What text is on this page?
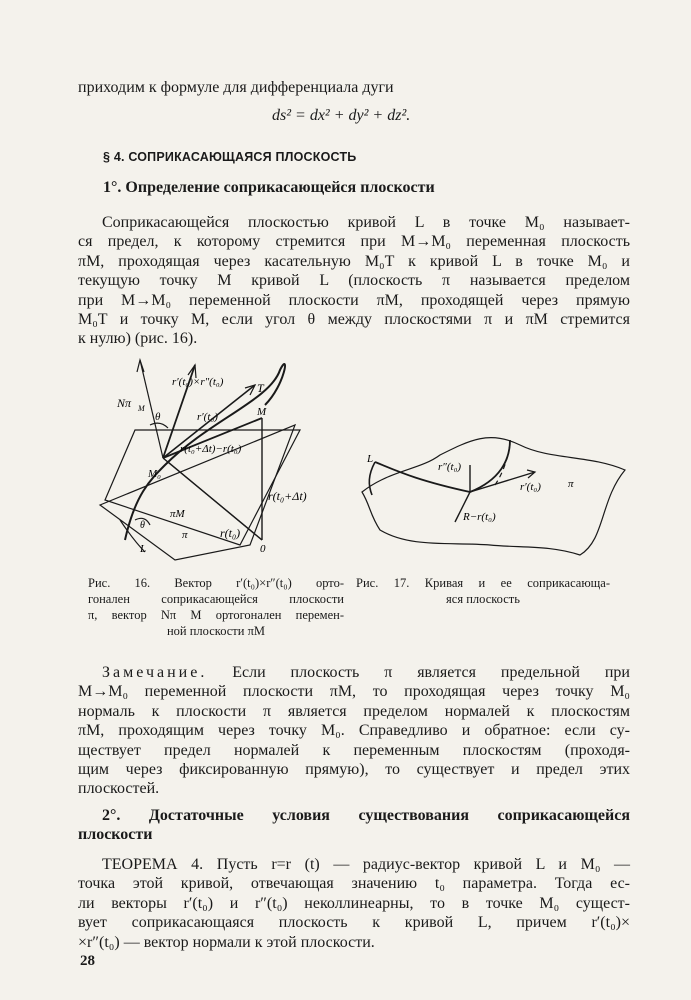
приходим к формуле для дифференциала дуги
ds² = dx² + dy² + dz².
§ 4. СОПРИКАСАЮЩАЯСЯ ПЛОСКОСТЬ
1°. Определение соприкасающейся плоскости
Соприкасающейся плоскостью кривой L в точке M₀ называет-
ся предел, к которому стремится при M→M₀ переменная плоскость
πM, проходящая через касательную M₀T к кривой L в точке M₀ и
текущую точку M кривой L (плоскость π называется пределом
при M→M₀ переменной плоскости πM, проходящей через прямую
M₀T и точку M, если угол θ между плоскостями π и πM стремится
к нулю) (рис. 16).
Nπ M
r′(t₀)×r″(t₀)
r′(t₀)
T
M
θ
r(t₀+Δt)−r(t₀)
M₀
r(t₀+Δt)
πM
π	r(t₀)
0
L
θ
L
r″(t₀)
r′(t₀) π
R−r(t₀)
Рис. 16. Вектор r′(t₀)×r″(t₀) орто-
гонален соприкасающейся плоскости
π, вектор Nπ M ортогонален перемен-
ной плоскости πM
Рис. 17. Кривая и ее соприкасающа-
яся плоскость
Замечание. Если плоскость π является предельной при
M→M₀ переменной плоскости πM, то проходящая через точку M₀
нормаль к плоскости π является пределом нормалей к плоскостям
πM, проходящим через точку M₀. Справедливо и обратное: если су-
ществует предел нормалей к переменным плоскостям (проходя-
щим через фиксированную прямую), то существует и предел этих
плоскостей.
2°. Достаточные условия существования соприкасающейся
плоскости
ТЕОРЕМА 4. Пусть r=r (t) — радиус-вектор кривой L и M₀ —
точка этой кривой, отвечающая значению t₀ параметра. Тогда ес-
ли векторы r′(t₀) и r″(t₀) неколлинеарны, то в точке M₀ сущест-
вует соприкасающаяся плоскость к кривой L, причем r′(t₀)×
×r″(t₀) — вектор нормали к этой плоскости.
28
